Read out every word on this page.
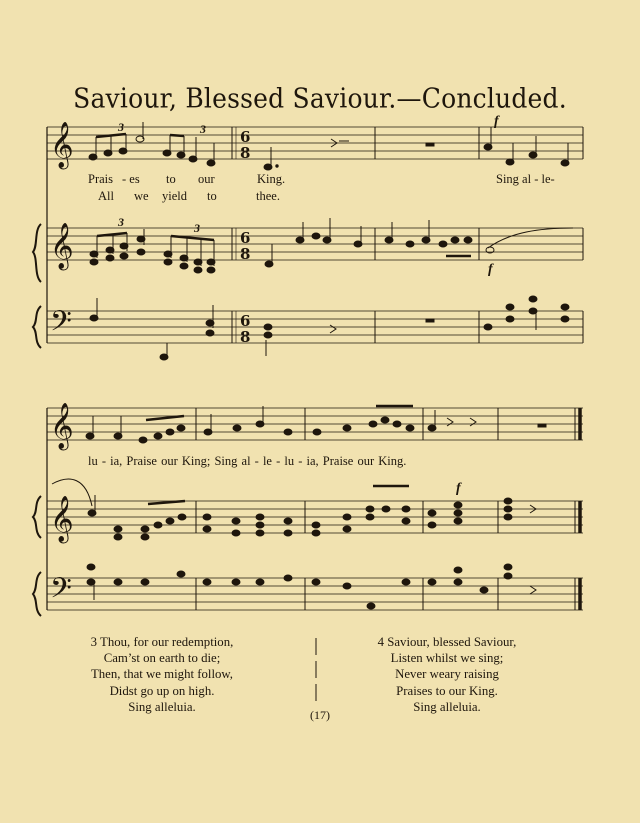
Saviour, Blessed Saviour.—Concluded.
𝄞
𝄞
𝄢
6
8
6
8
6
8
3	3
3	3
f
f
𝄞
𝄞
𝄢
f
Prais - es to our	King.	Sing al - le-
All we yield to	thee.
lu - ia, Praise our King; Sing al - le - lu - ia, Praise our King.
3 Thou, for our redemption,
Cam’st on earth to die;
Then, that we might follow,
Didst go up on high.
Sing alleluia.
4 Saviour, blessed Saviour,
Listen whilst we sing;
Never weary raising
Praises to our King.
Sing alleluia.
(17)
